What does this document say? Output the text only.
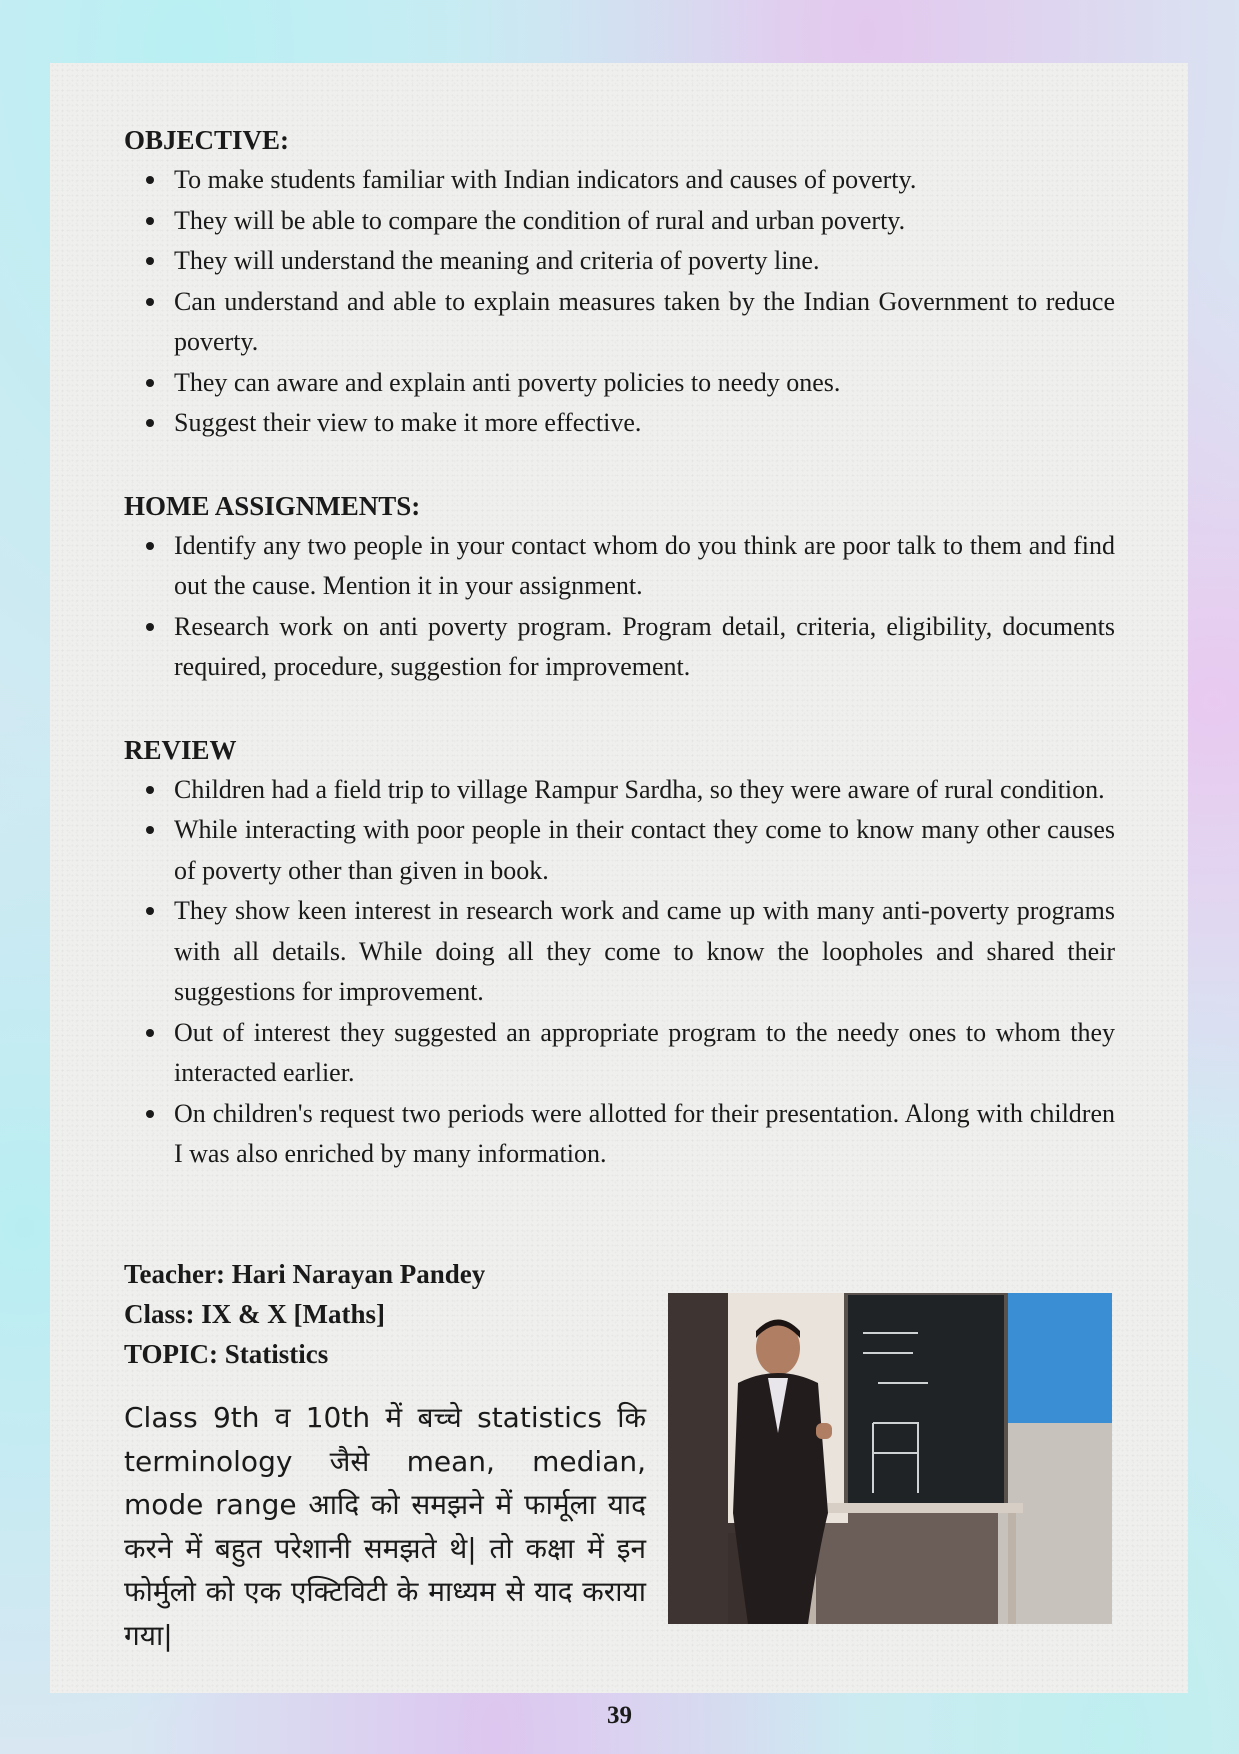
OBJECTIVE:
To make students familiar with Indian indicators and causes of poverty.
They will be able to compare the condition of rural and urban poverty.
They will understand the meaning and criteria of poverty line.
Can understand and able to explain measures taken by the Indian Government to reduce poverty.
They can aware and explain anti poverty policies to needy ones.
Suggest their view to make it more effective.
HOME ASSIGNMENTS:
Identify any two people in your contact whom do you think are poor talk to them and find out the cause. Mention it in your assignment.
Research work on anti poverty program. Program detail, criteria, eligibility, documents required, procedure, suggestion for improvement.
REVIEW
Children had a field trip to village Rampur Sardha, so they were aware of rural condition.
While interacting with poor people in their contact they come to know many other causes of poverty other than given in book.
They show keen interest in research work and came up with many anti-poverty programs with all details. While doing all they come to know the loopholes and shared their suggestions for improvement.
Out of interest they suggested an appropriate program to the needy ones to whom they interacted earlier.
On children's request two periods were allotted for their presentation. Along with children I was also enriched by many information.
Teacher: Hari Narayan Pandey
Class: IX & X [Maths]
TOPIC: Statistics
Class 9th व 10th में बच्चे statistics कि terminology जैसे mean, median, mode range आदि को समझने में फार्मूला याद करने में बहुत परेशानी समझते थे| तो कक्षा में इन फोर्मुलो को एक एक्टिविटी के माध्यम से याद कराया गया|
39
